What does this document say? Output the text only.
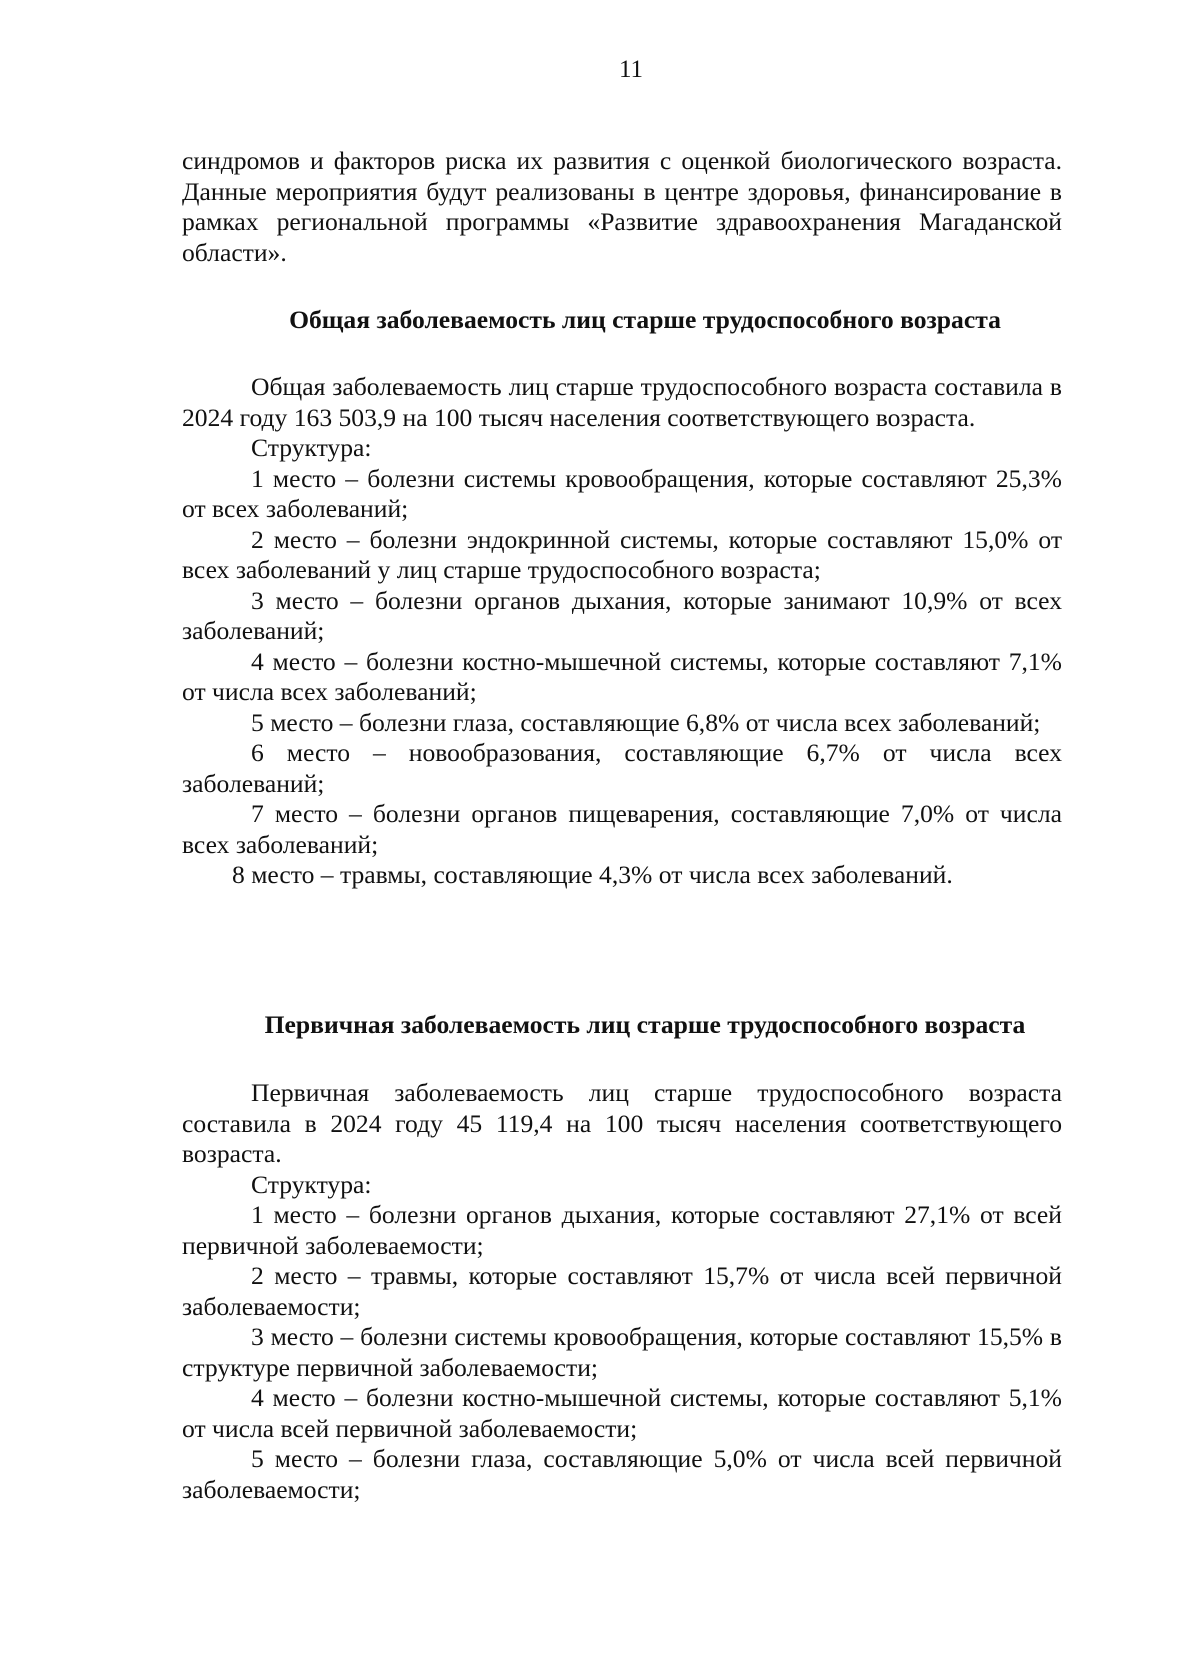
11

синдромов и факторов риска их развития с оценкой биологического возраста. Данные мероприятия будут реализованы в центре здоровья, финансирование в рамках региональной программы «Развитие здравоохранения Магаданской области».

Общая заболеваемость лиц старше трудоспособного возраста

Общая заболеваемость лиц старше трудоспособного возраста составила в 2024 году 163 503,9 на 100 тысяч населения соответствующего возраста.

Структура:

1 место – болезни системы кровообращения, которые составляют 25,3% от всех заболеваний;

2 место – болезни эндокринной системы, которые составляют 15,0% от всех заболеваний у лиц старше трудоспособного возраста;

3 место – болезни органов дыхания, которые занимают 10,9% от всех заболеваний;

4 место – болезни костно-мышечной системы, которые составляют 7,1% от числа всех заболеваний;

5 место – болезни глаза, составляющие 6,8% от числа всех заболеваний;

6 место – новообразования, составляющие 6,7% от числа всех заболеваний;

7 место – болезни органов пищеварения, составляющие 7,0% от числа всех заболеваний;

8 место – травмы, составляющие 4,3% от числа всех заболеваний.

Первичная заболеваемость лиц старше трудоспособного возраста

Первичная заболеваемость лиц старше трудоспособного возраста составила в 2024 году 45 119,4 на 100 тысяч населения соответствующего возраста.

Структура:

1 место – болезни органов дыхания, которые составляют 27,1% от всей первичной заболеваемости;

2 место – травмы, которые составляют 15,7% от числа всей первичной заболеваемости;

3 место – болезни системы кровообращения, которые составляют 15,5% в структуре первичной заболеваемости;

4 место – болезни костно-мышечной системы, которые составляют 5,1% от числа всей первичной заболеваемости;

5 место – болезни глаза, составляющие 5,0% от числа всей первичной заболеваемости;
